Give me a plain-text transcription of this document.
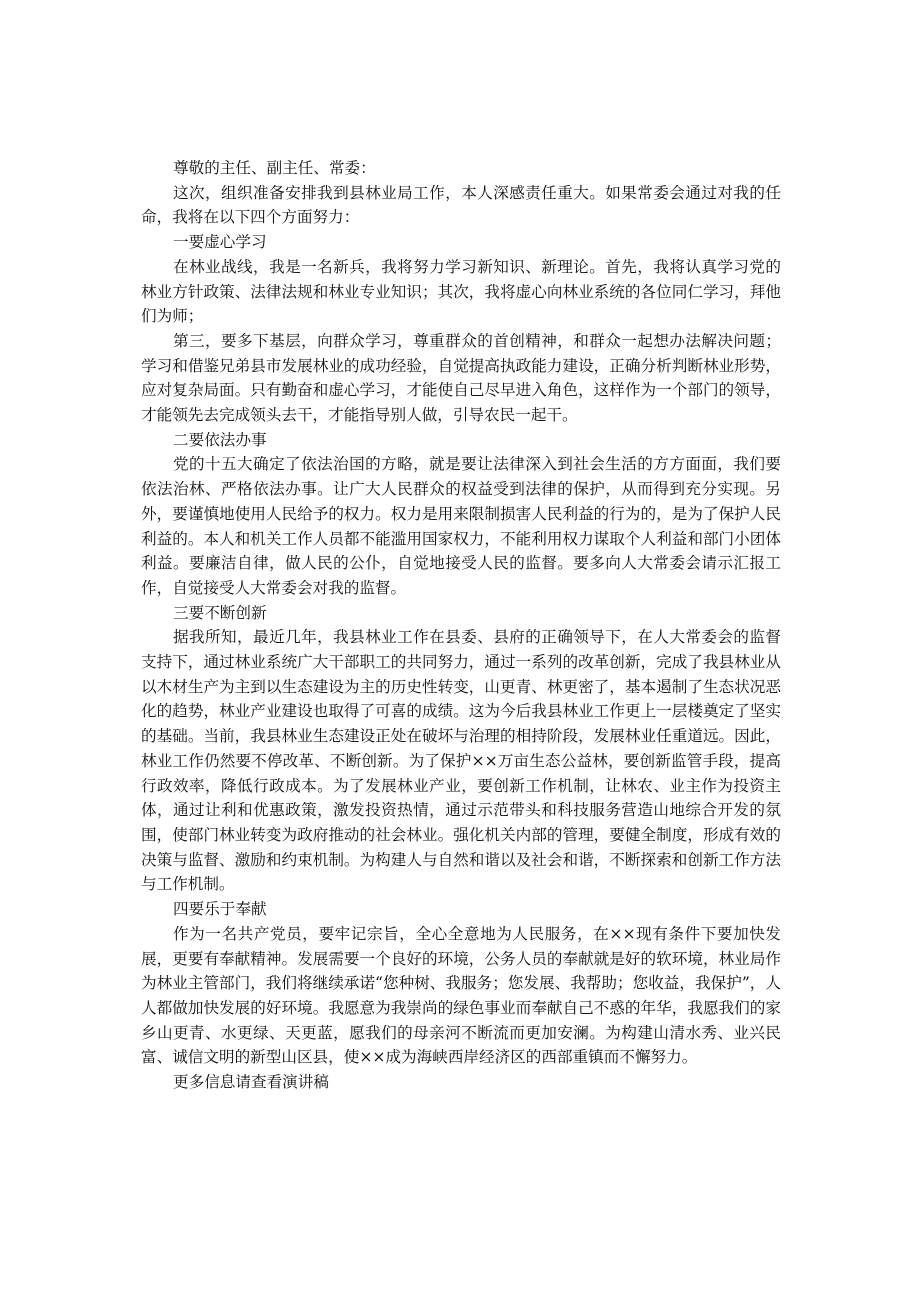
尊敬的主任、副主任、常委：

这次，组织准备安排我到县林业局工作，本人深感责任重大。如果常委会通过对我的任命，我将在以下四个方面努力：

一要虚心学习

在林业战线，我是一名新兵，我将努力学习新知识、新理论。首先，我将认真学习党的林业方针政策、法律法规和林业专业知识；其次，我将虚心向林业系统的各位同仁学习，拜他们为师；

第三，要多下基层，向群众学习，尊重群众的首创精神，和群众一起想办法解决问题；学习和借鉴兄弟县市发展林业的成功经验，自觉提高执政能力建设，正确分析判断林业形势，应对复杂局面。只有勤奋和虚心学习，才能使自己尽早进入角色，这样作为一个部门的领导，才能领先去完成领头去干，才能指导别人做，引导农民一起干。

二要依法办事

党的十五大确定了依法治国的方略，就是要让法律深入到社会生活的方方面面，我们要依法治林、严格依法办事。让广大人民群众的权益受到法律的保护，从而得到充分实现。另外，要谨慎地使用人民给予的权力。权力是用来限制损害人民利益的行为的，是为了保护人民利益的。本人和机关工作人员都不能滥用国家权力，不能利用权力谋取个人利益和部门小团体利益。要廉洁自律，做人民的公仆，自觉地接受人民的监督。要多向人大常委会请示汇报工作，自觉接受人大常委会对我的监督。

三要不断创新

据我所知，最近几年，我县林业工作在县委、县府的正确领导下，在人大常委会的监督支持下，通过林业系统广大干部职工的共同努力，通过一系列的改革创新，完成了我县林业从以木材生产为主到以生态建设为主的历史性转变，山更青、林更密了，基本遏制了生态状况恶化的趋势，林业产业建设也取得了可喜的成绩。这为今后我县林业工作更上一层楼奠定了坚实的基础。当前，我县林业生态建设正处在破坏与治理的相持阶段，发展林业任重道远。因此，林业工作仍然要不停改革、不断创新。为了保护××万亩生态公益林，要创新监管手段，提高行政效率，降低行政成本。为了发展林业产业，要创新工作机制，让林农、业主作为投资主体，通过让利和优惠政策，激发投资热情，通过示范带头和科技服务营造山地综合开发的氛围，使部门林业转变为政府推动的社会林业。强化机关内部的管理，要健全制度，形成有效的决策与监督、激励和约束机制。为构建人与自然和谐以及社会和谐，不断探索和创新工作方法与工作机制。

四要乐于奉献

作为一名共产党员，要牢记宗旨，全心全意地为人民服务，在××现有条件下要加快发展，更要有奉献精神。发展需要一个良好的环境，公务人员的奉献就是好的软环境，林业局作为林业主管部门，我们将继续承诺“您种树、我服务；您发展、我帮助；您收益，我保护”，人人都做加快发展的好环境。我愿意为我崇尚的绿色事业而奉献自己不惑的年华，我愿我们的家乡山更青、水更绿、天更蓝，愿我们的母亲河不断流而更加安澜。为构建山清水秀、业兴民富、诚信文明的新型山区县，使××成为海峡西岸经济区的西部重镇而不懈努力。

更多信息请查看演讲稿
